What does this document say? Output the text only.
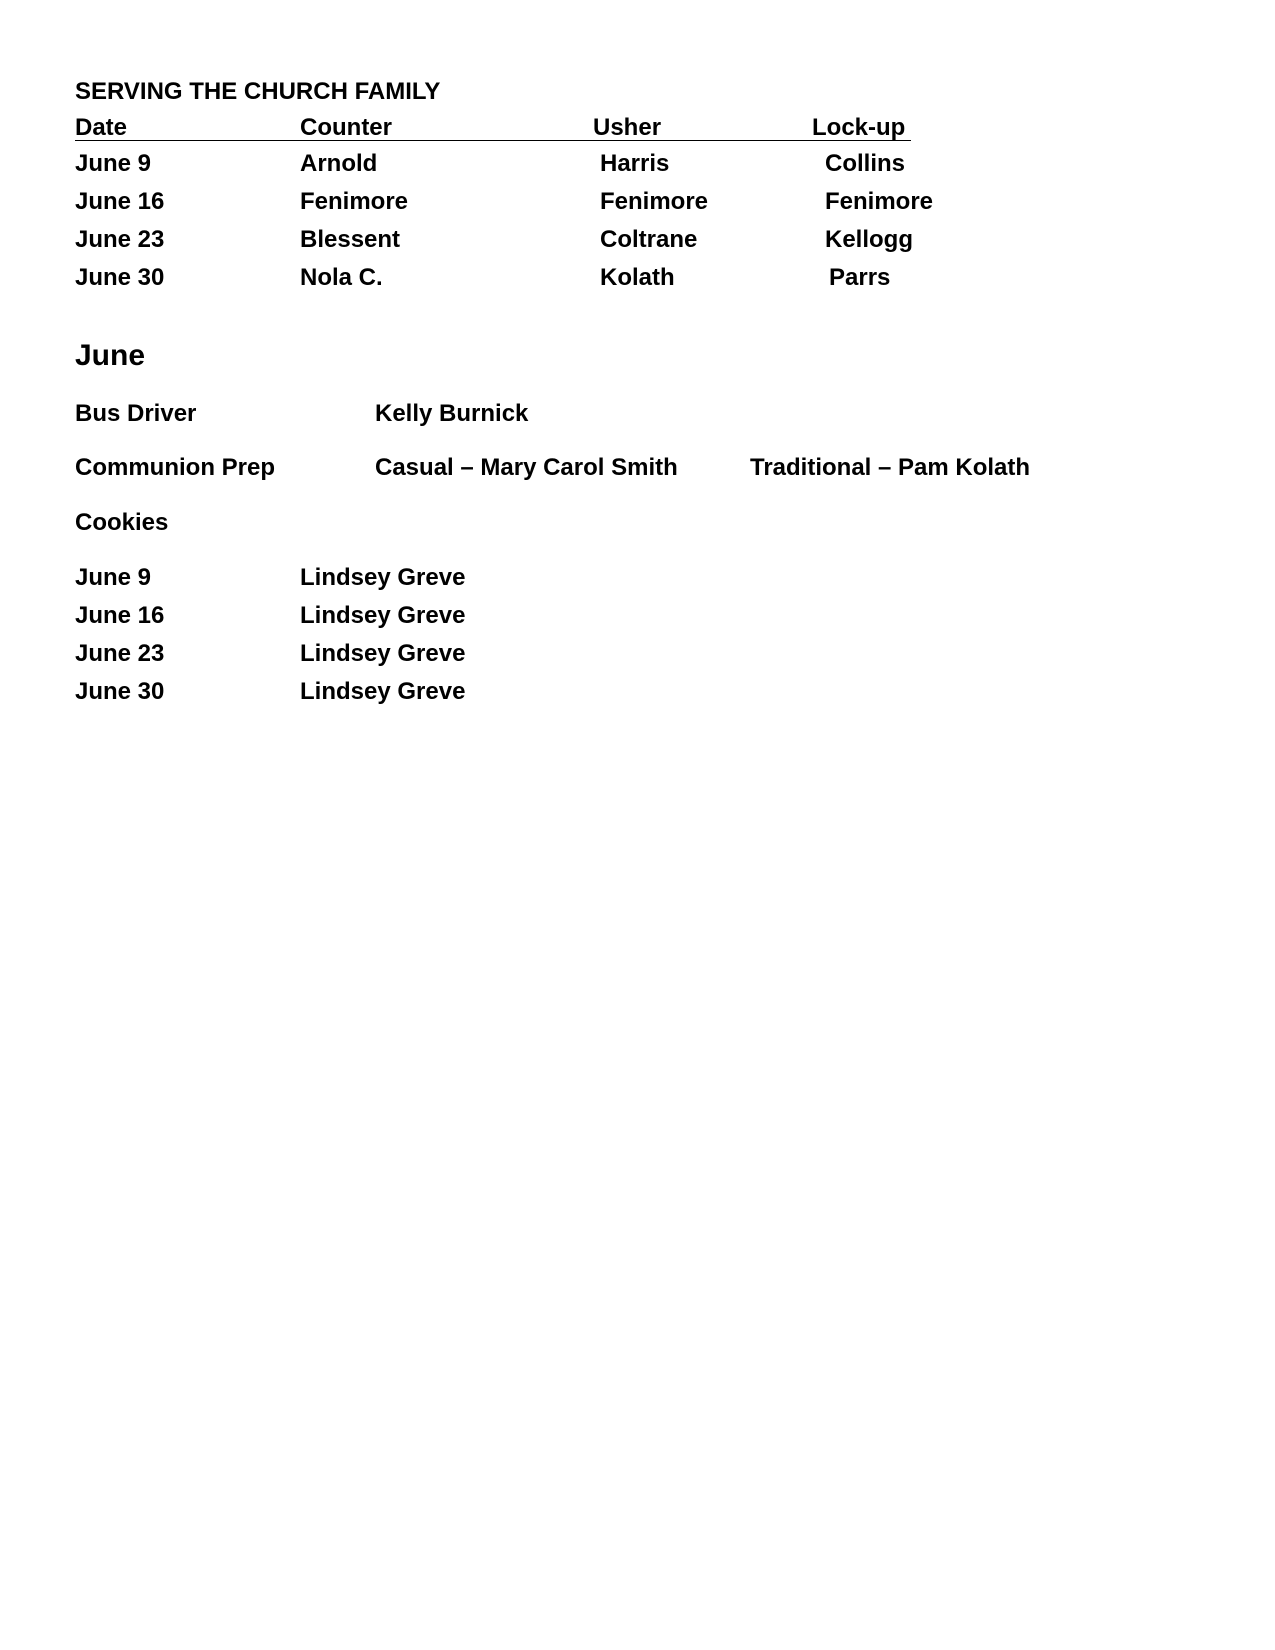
SERVING THE CHURCH FAMILY
Date	Counter	Usher	Lock-up
June 9	Arnold	Harris	Collins
June 16	Fenimore	Fenimore	Fenimore
June 23	Blessent	Coltrane	Kellogg
June 30	Nola C.	Kolath	Parrs
June
Bus Driver	Kelly Burnick
Communion Prep	Casual – Mary Carol Smith	Traditional – Pam Kolath
Cookies
June 9	Lindsey Greve
June 16	Lindsey Greve
June 23	Lindsey Greve
June 30	Lindsey Greve
